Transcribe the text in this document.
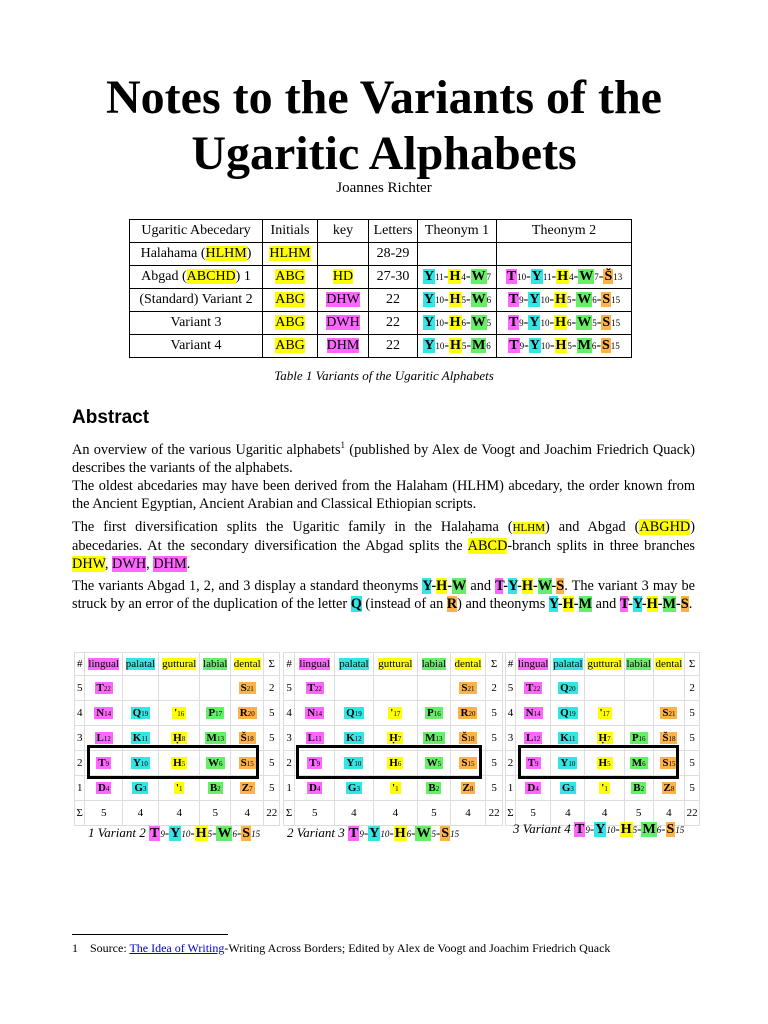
Notes to the Variants of the
Ugaritic Alphabets
Joannes Richter
Ugaritic Abecedary	Initials	key	Letters	Theonym 1	Theonym 2
Halahama (HLHM)	HLHM		28-29		
Abgad (ABCHD) 1	ABG	HD	27-30	Y11-H4-W7	T10-Y11-H4-W7-Š13
(Standard) Variant 2	ABG	DHW	22	Y10-H5-W6	T9-Y10-H5-W6-S15
Variant 3	ABG	DWH	22	Y10-H6-W5	T9-Y10-H6-W5-S15
Variant 4	ABG	DHM	22	Y10-H5-M6	T9-Y10-H5-M6-S15
Table 1 Variants of the Ugaritic Alphabets
Abstract

An overview of the various Ugaritic alphabets$^1$ (published by Alex de Voogt and Joachim Friedrich Quack) describes the variants of the alphabets.

The oldest abcedaries may have been derived from the Halaham (HLHM) abcedary, the order known from the Ancient Egyptian, Ancient Arabian and Classical Ethiopian scripts.

The first diversification splits the Ugaritic family in the Halaḥama (HLHM) and Abgad (ABGHD) abecedaries. At the secondary diversification the Abgad splits the ABCD-branch splits in three branches DHW, DWH, DHM.

The variants Abgad 1, 2, and 3 display a standard theonyms Y-H-W and T-Y-H-W-S. The variant 3 may be struck by an error of the duplication of the letter Q (instead of an R) and theonyms Y-H-M and T-Y-H-M-S.

#	lingual	palatal	guttural	labial	dental	Σ
5	T22				S21	2
4	N14	Q19	'16	P17	R20	5
3	L12	K11	Ḥ8	M13	Š18	5
2	T9	Y10	H5	W6	S15	5
1	D4	G3	'1	B2	Z7	5
Σ	5	4	4	5	4	22
1 Variant 2 T9-Y10-H5-W6-S15
#	lingual	palatal	guttural	labial	dental	Σ
5	T22				S21	2
4	N14	Q19	'17	P16	R20	5
3	L11	K12	Ḥ7	M13	Š18	5
2	T9	Y10	H6	W5	S15	5
1	D4	G3	'1	B2	Z8	5
Σ	5	4	4	5	4	22
2 Variant 3 T9-Y10-H6-W5-S15
#	lingual	palatal	guttural	labial	dental	Σ
5	T22	Q20				2
4	N14	Q19	'17		S21	5
3	L12	K11	Ḥ7	P16	Š18	5
2	T9	Y10	H5	M6	S15	5
1	D4	G3	'1	B2	Z8	5
Σ	5	4	4	5	4	22
3 Variant 4 T9-Y10-H5-M6-S15
1 Source: The Idea of Writing-Writing Across Borders; Edited by Alex de Voogt and Joachim Friedrich Quack
